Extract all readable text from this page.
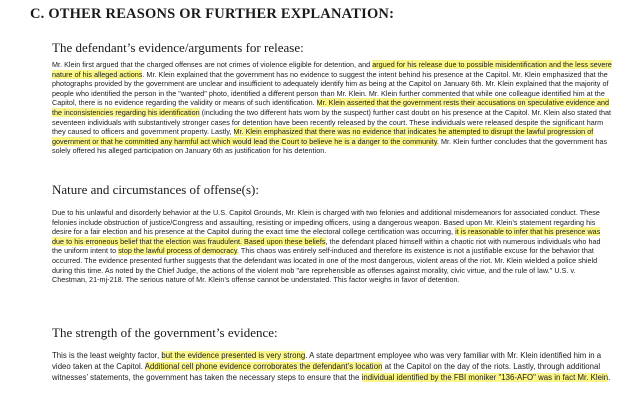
C. OTHER REASONS OR FURTHER EXPLANATION:
The defendant’s evidence/arguments for release:
Mr. Klein first argued that the charged offenses are not crimes of violence eligible for detention, and argued for his release due to possible misidentification and the less severe nature of his alleged actions. Mr. Klein explained that the government has no evidence to suggest the intent behind his presence at the Capitol. Mr. Klein emphasized that the photographs provided by the government are unclear and insufficient to adequately identify him as being at the Capitol on January 6th. Mr. Klein explained that the majority of people who identified the person in the "wanted" photo, identified a different person than Mr. Klein. Mr. Klein further commented that while one colleague identified him at the Capitol, there is no evidence regarding the validity or means of such identification. Mr. Klein asserted that the government rests their accusations on speculative evidence and the inconsistencies regarding his identification (including the two different hats worn by the suspect) further cast doubt on his presence at the Capitol. Mr. Klein also stated that seventeen individuals with substantively stronger cases for detention have been recently released by the court. These individuals were released despite the significant harm they caused to officers and government property. Lastly, Mr. Klein emphasized that there was no evidence that indicates he attempted to disrupt the lawful progression of government or that he committed any harmful act which would lead the Court to believe he is a danger to the community. Mr. Klein further concludes that the government has solely offered his alleged participation on January 6th as justification for his detention.
Nature and circumstances of offense(s):
Due to his unlawful and disorderly behavior at the U.S. Capitol Grounds, Mr. Klein is charged with two felonies and additional misdemeanors for associated conduct. These felonies include obstruction of justice/Congress and assaulting, resisting or impeding officers, using a dangerous weapon. Based upon Mr. Klein’s statement regarding his desire for a fair election and his presence at the Capitol during the exact time the electoral college certification was occurring, it is reasonable to infer that his presence was due to his erroneous belief that the election was fraudulent. Based upon these beliefs, the defendant placed himself within a chaotic riot with numerous individuals who had the uniform intent to stop the lawful process of democracy. This chaos was entirely self-induced and therefore its existence is not a justifiable excuse for the behavior that occurred. The evidence presented further suggests that the defendant was located in one of the most dangerous, violent areas of the riot. Mr. Klein wielded a police shield during this time. As noted by the Chief Judge, the actions of the violent mob "are reprehensible as offenses against morality, civic virtue, and the rule of law." U.S. v. Chestman, 21-mj-218. The serious nature of Mr. Klein’s offense cannot be understated. This factor weighs in favor of detention.
The strength of the government’s evidence:
This is the least weighty factor, but the evidence presented is very strong. A state department employee who was very familiar with Mr. Klein identified him in a video taken at the Capitol. Additional cell phone evidence corroborates the defendant’s location at the Capitol on the day of the riots. Lastly, through additional witnesses’ statements, the government has taken the necessary steps to ensure that the individual identified by the FBI moniker "136-AFO" was in fact Mr. Klein.
